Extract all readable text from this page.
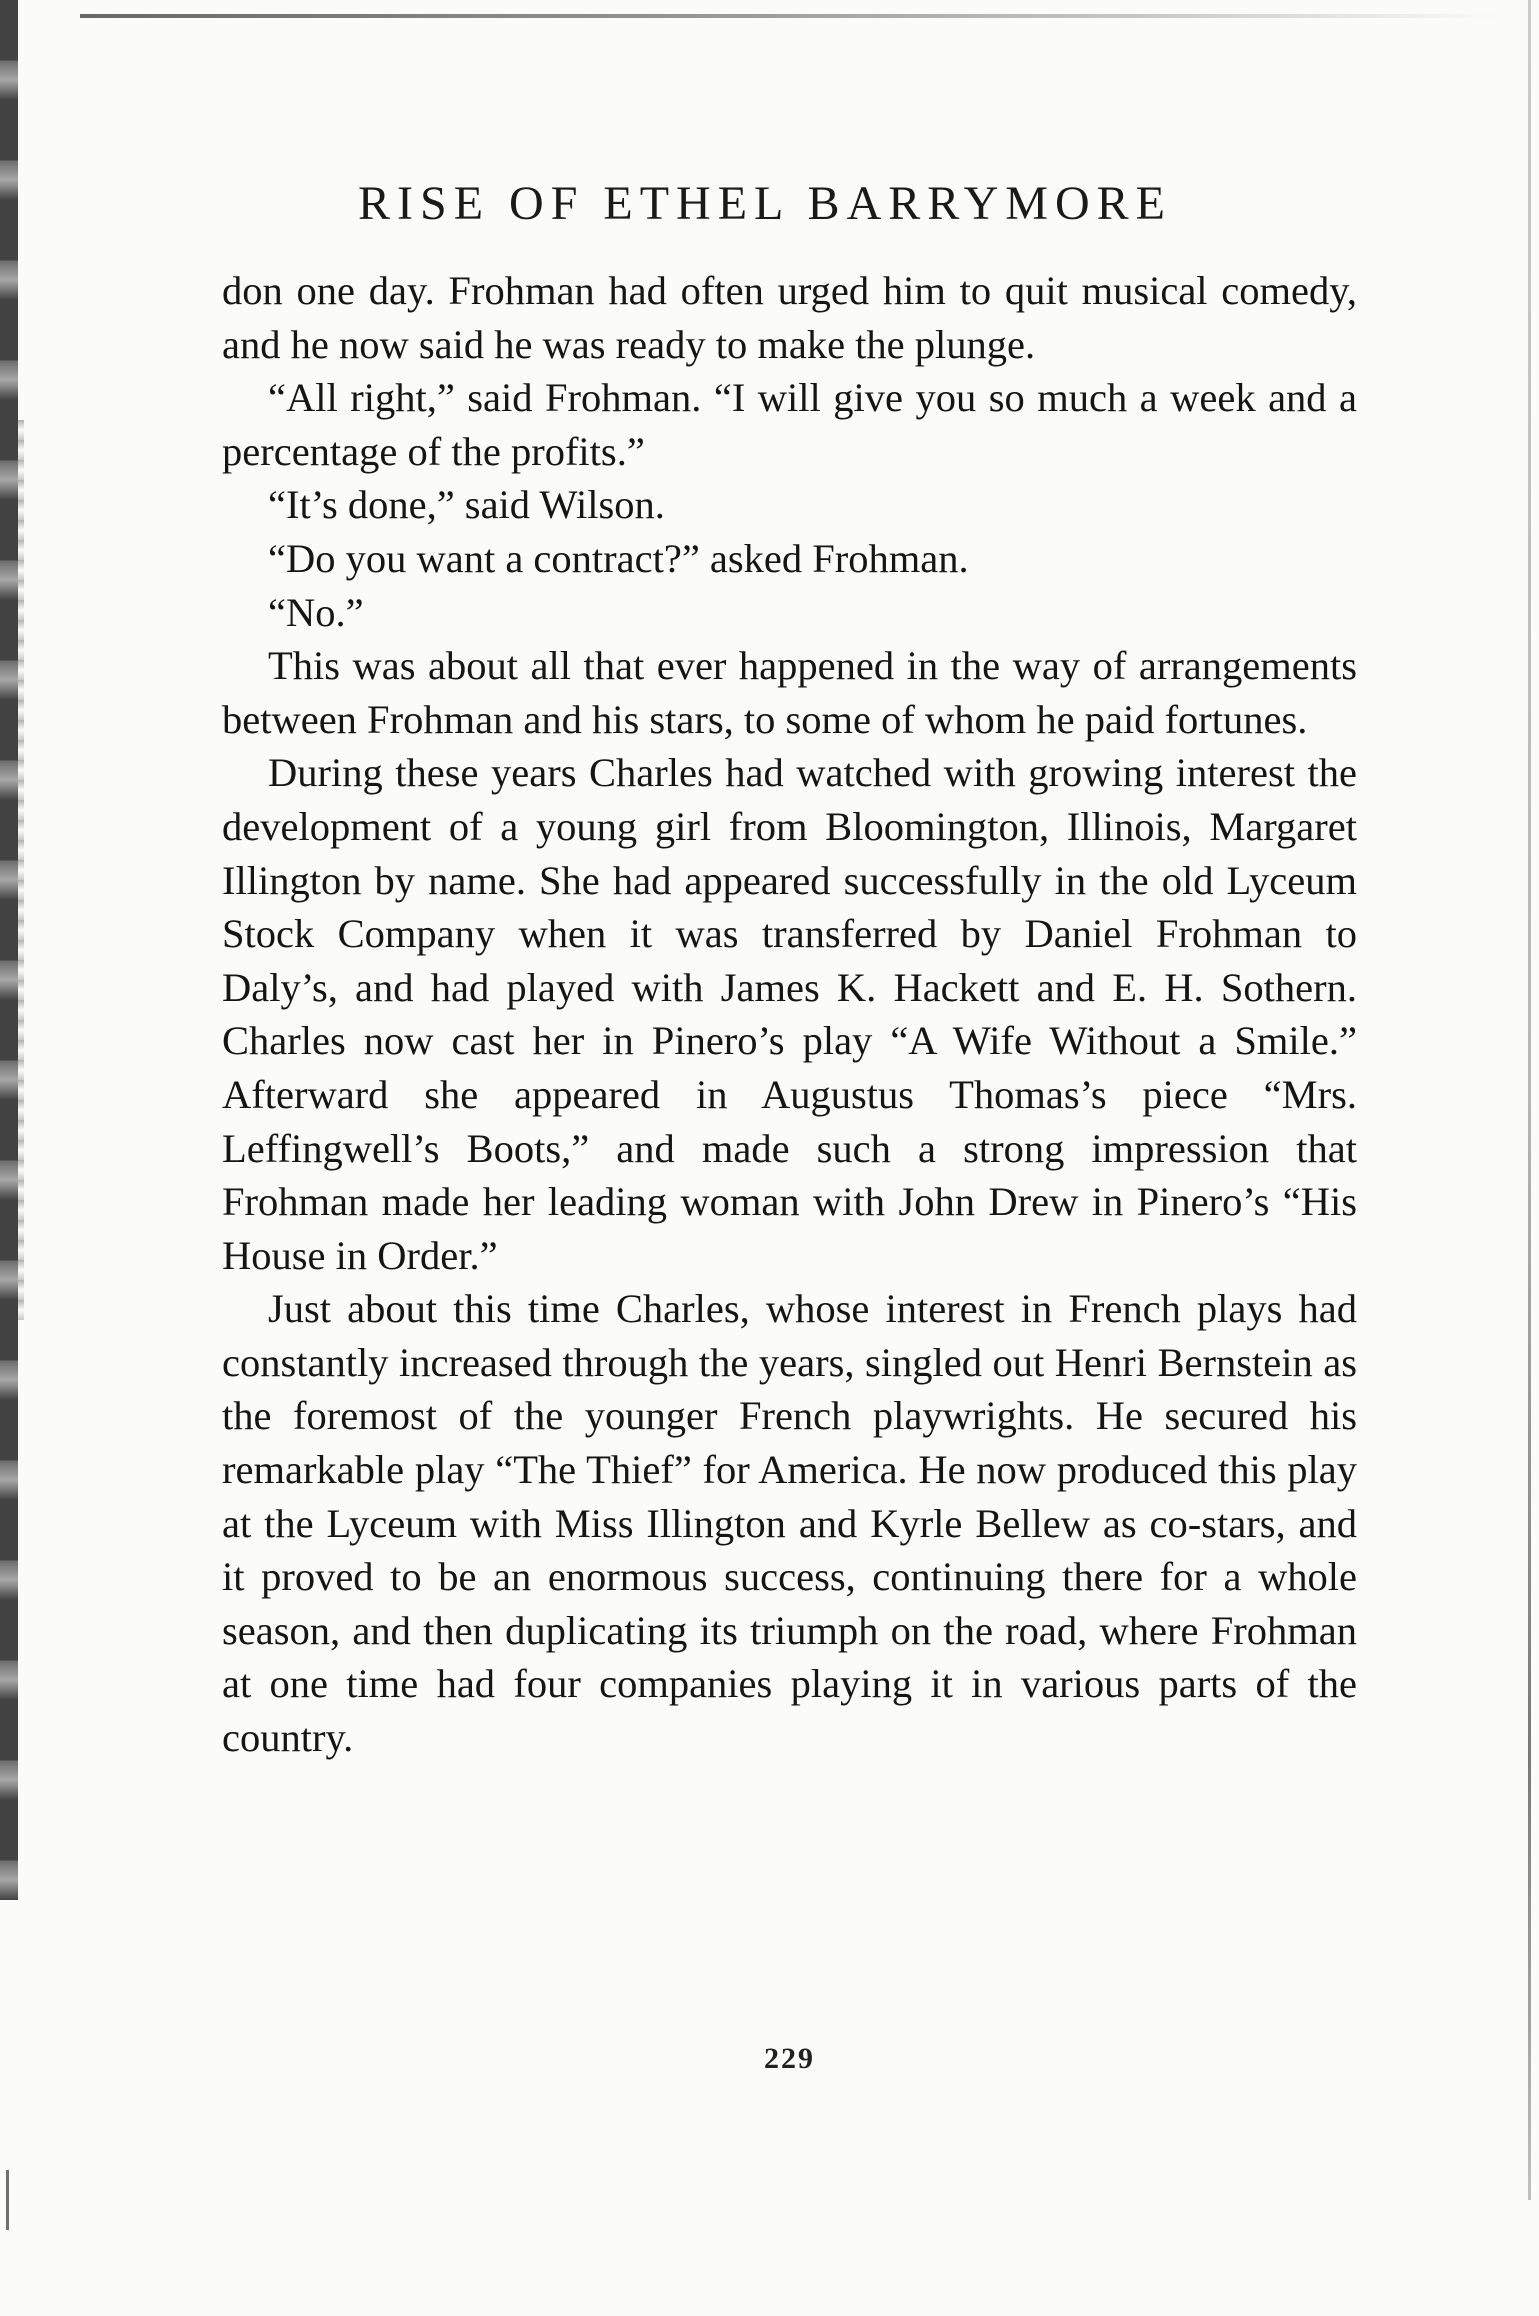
RISE OF ETHEL BARRYMORE

don one day. Frohman had often urged him to quit musical comedy, and he now said he was ready to make the plunge.

“All right,” said Frohman. “I will give you so much a week and a percentage of the profits.”

“It’s done,” said Wilson.

“Do you want a contract?” asked Frohman.

“No.”

This was about all that ever happened in the way of arrangements between Frohman and his stars, to some of whom he paid fortunes.

During these years Charles had watched with growing interest the development of a young girl from Bloomington, Illinois, Margaret Illington by name. She had appeared successfully in the old Lyceum Stock Company when it was transferred by Daniel Frohman to Daly’s, and had played with James K. Hackett and E. H. Sothern. Charles now cast her in Pinero’s play “A Wife Without a Smile.” Afterward she appeared in Augustus Thomas’s piece “Mrs. Leffingwell’s Boots,” and made such a strong impression that Frohman made her leading woman with John Drew in Pinero’s “His House in Order.”

Just about this time Charles, whose interest in French plays had constantly increased through the years, singled out Henri Bernstein as the foremost of the younger French playwrights. He secured his remarkable play “The Thief” for America. He now produced this play at the Lyceum with Miss Illington and Kyrle Bellew as co-stars, and it proved to be an enormous success, continuing there for a whole season, and then duplicating its triumph on the road, where Frohman at one time had four companies playing it in various parts of the country.

229
